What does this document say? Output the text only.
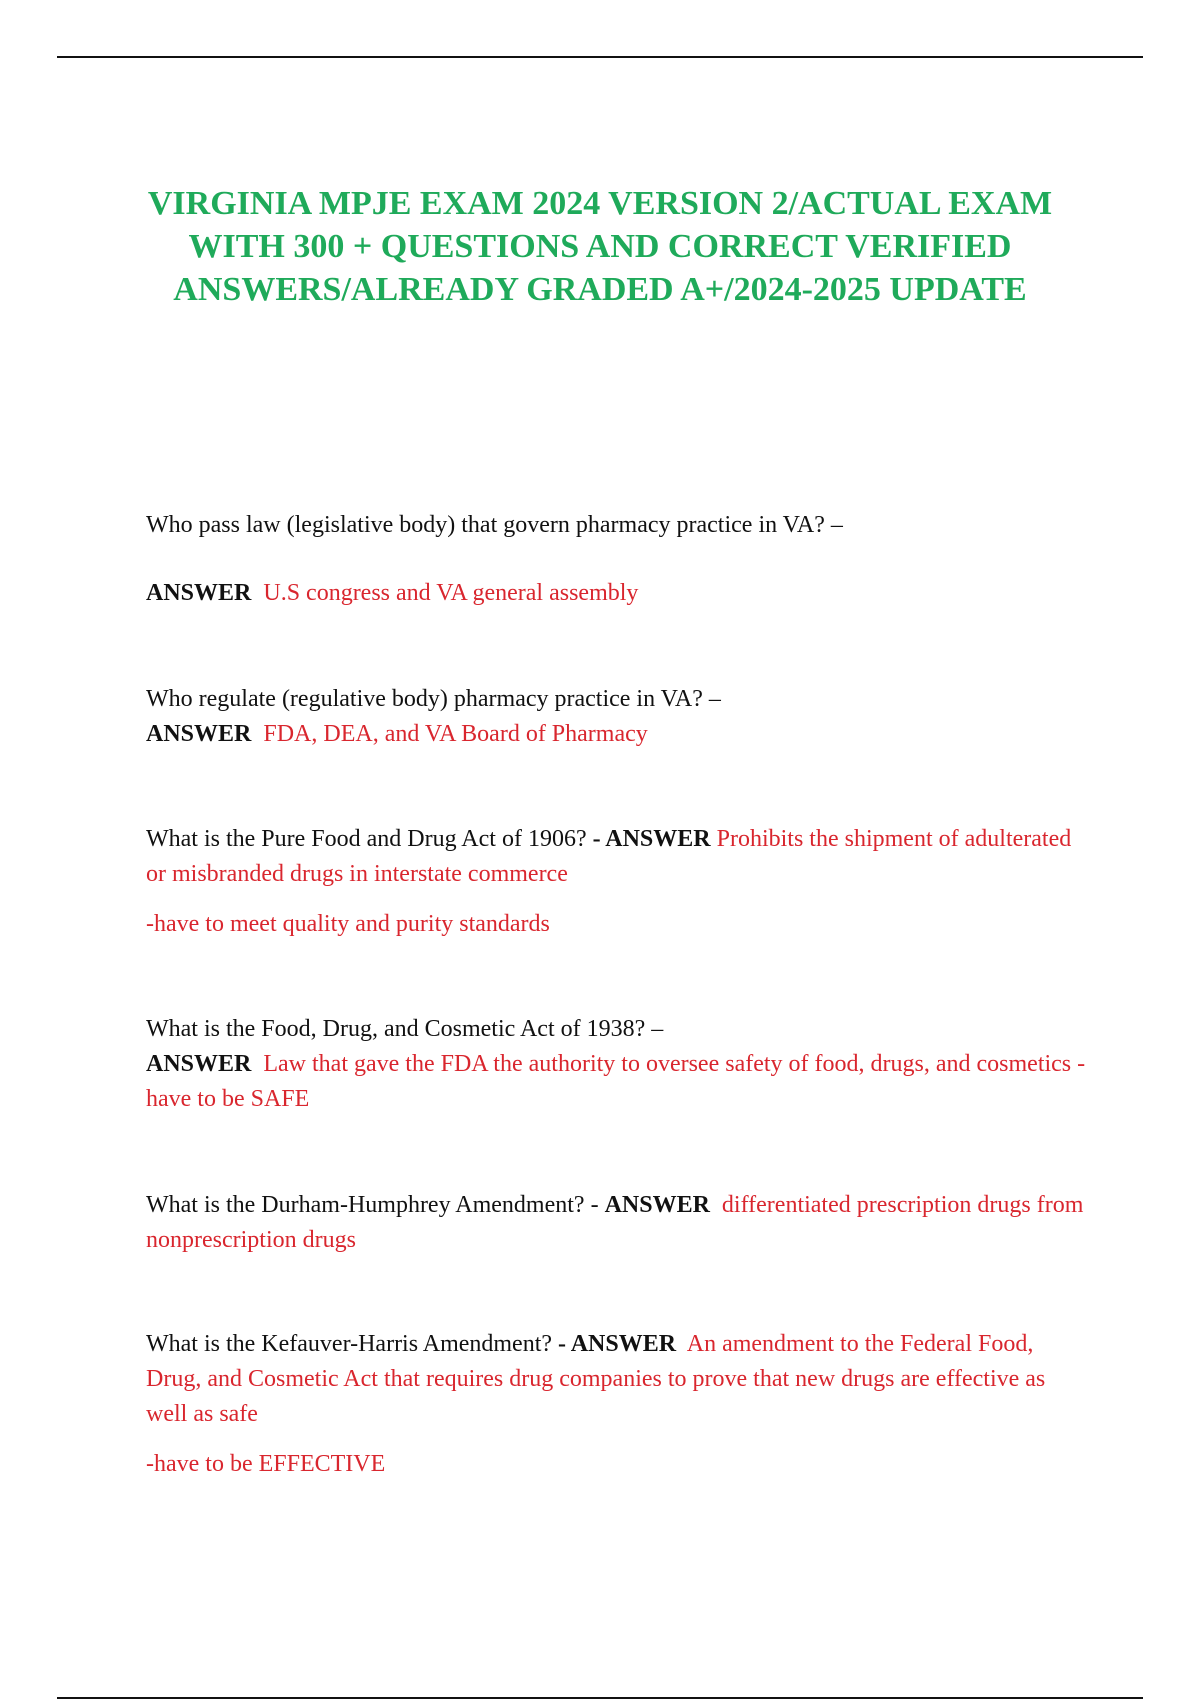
VIRGINIA MPJE EXAM 2024 VERSION 2/ACTUAL EXAM WITH 300 + QUESTIONS AND CORRECT VERIFIED ANSWERS/ALREADY GRADED A+/2024-2025 UPDATE

Who pass law (legislative body) that govern pharmacy practice in VA? –

ANSWER U.S congress and VA general assembly

Who regulate (regulative body) pharmacy practice in VA? –

ANSWER FDA, DEA, and VA Board of Pharmacy

What is the Pure Food and Drug Act of 1906? - ANSWER Prohibits the shipment of adulterated or misbranded drugs in interstate commerce

-have to meet quality and purity standards

What is the Food, Drug, and Cosmetic Act of 1938? –

ANSWER Law that gave the FDA the authority to oversee safety of food, drugs, and cosmetics -have to be SAFE

What is the Durham-Humphrey Amendment? - ANSWER differentiated prescription drugs from nonprescription drugs

What is the Kefauver-Harris Amendment? - ANSWER An amendment to the Federal Food, Drug, and Cosmetic Act that requires drug companies to prove that new drugs are effective as well as safe

-have to be EFFECTIVE
